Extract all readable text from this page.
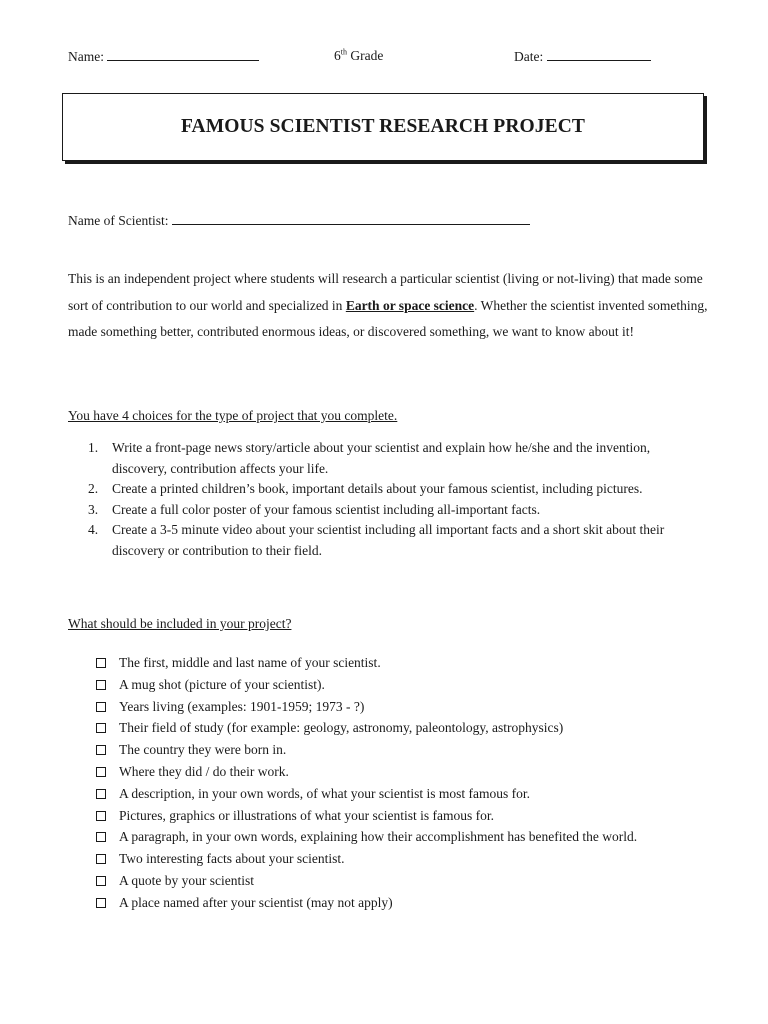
Name:	6th Grade	Date:
FAMOUS SCIENTIST RESEARCH PROJECT
Name of Scientist:
This is an independent project where students will research a particular scientist (living or not-living) that made some sort of contribution to our world and specialized in Earth or space science. Whether the scientist invented something, made something better, contributed enormous ideas, or discovered something, we want to know about it!
You have 4 choices for the type of project that you complete.
1. Write a front-page news story/article about your scientist and explain how he/she and the invention, discovery, contribution affects your life.
2. Create a printed children’s book, important details about your famous scientist, including pictures.
3. Create a full color poster of your famous scientist including all-important facts.
4. Create a 3-5 minute video about your scientist including all important facts and a short skit about their discovery or contribution to their field.
What should be included in your project?
The first, middle and last name of your scientist.
A mug shot (picture of your scientist).
Years living (examples: 1901-1959; 1973 - ?)
Their field of study (for example: geology, astronomy, paleontology, astrophysics)
The country they were born in.
Where they did / do their work.
A description, in your own words, of what your scientist is most famous for.
Pictures, graphics or illustrations of what your scientist is famous for.
A paragraph, in your own words, explaining how their accomplishment has benefited the world.
Two interesting facts about your scientist.
A quote by your scientist
A place named after your scientist (may not apply)
